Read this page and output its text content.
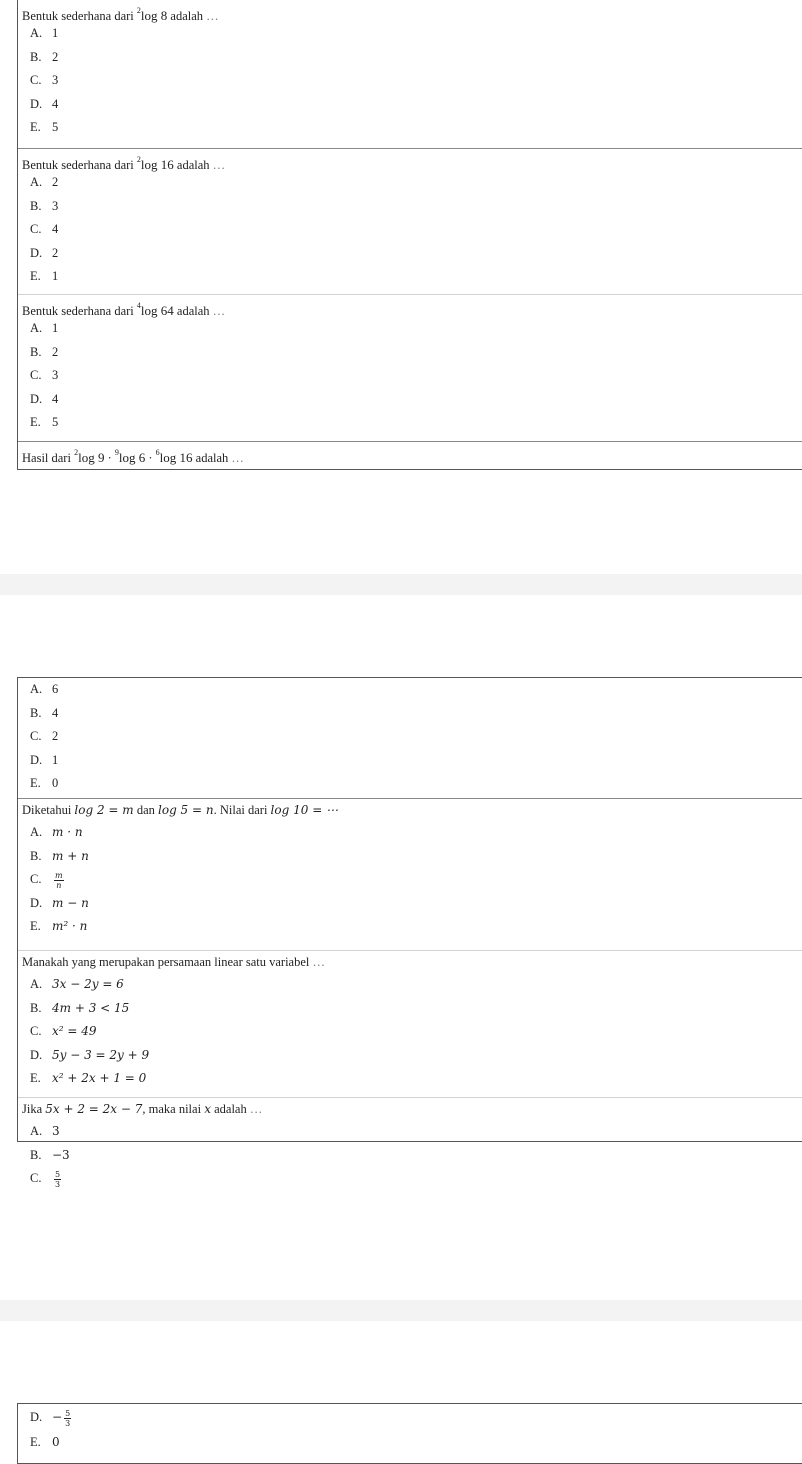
Bentuk sederhana dari $^2$log 8 adalah …
A. 1
B. 2
C. 3
D. 4
E. 5
Bentuk sederhana dari $^2$log 16 adalah …
A. 2
B. 3
C. 4
D. 2
E. 1
Bentuk sederhana dari $^4$log 64 adalah …
A. 1
B. 2
C. 3
D. 4
E. 5
Hasil dari $^2$log 9 · $^9$log 6 · $^6$log 16 adalah …
A. 6
B. 4
C. 2
D. 1
E. 0
Diketahui log 2 = m dan log 5 = n. Nilai dari log 10 = ⋯
A. m · n
B. m + n
C. $\frac{m}{n}$
D. m − n
E. m² · n
Manakah yang merupakan persamaan linear satu variabel …
A. 3x − 2y = 6
B. 4m + 3 < 15
C. x² = 49
D. 5y − 3 = 2y + 9
E. x² + 2x + 1 = 0
Jika 5x + 2 = 2x − 7, maka nilai x adalah …
A. 3
B. −3
C. $\frac{5}{3}$
D. − $\frac{5}{3}$
E. 0
